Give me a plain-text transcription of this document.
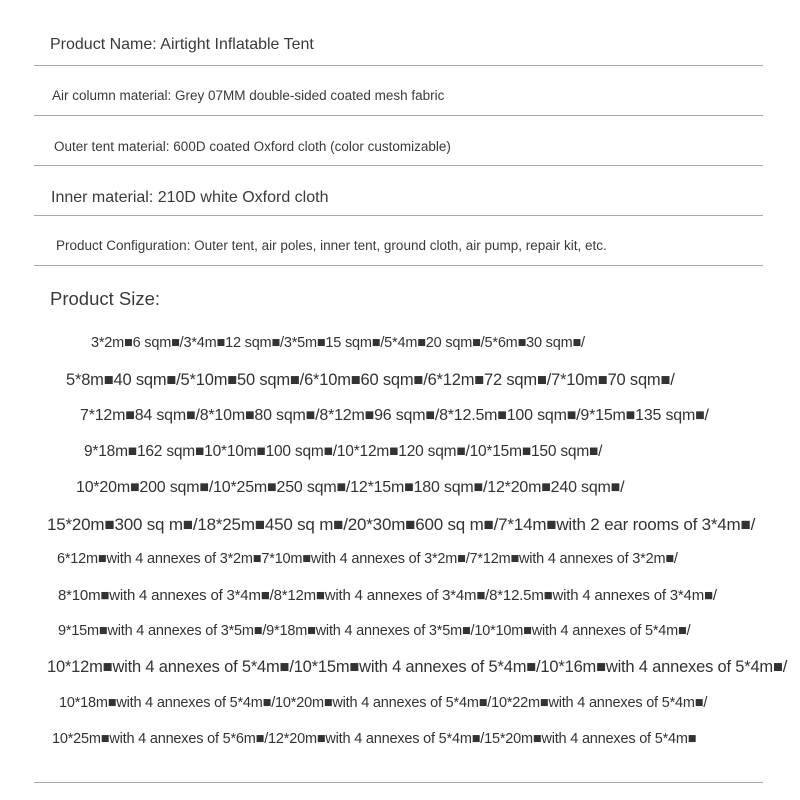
Product Name: Airtight Inflatable Tent
Air column material: Grey 07MM double-sided coated mesh fabric
Outer tent material: 600D coated Oxford cloth (color customizable)
Inner material: 210D white Oxford cloth
Product Configuration: Outer tent, air poles, inner tent, ground cloth, air pump, repair kit, etc.
Product Size:
3*2m■6 sqm■/3*4m■12 sqm■/3*5m■15 sqm■/5*4m■20 sqm■/5*6m■30 sqm■/
5*8m■40 sqm■/5*10m■50 sqm■/6*10m■60 sqm■/6*12m■72 sqm■/7*10m■70 sqm■/
7*12m■84 sqm■/8*10m■80 sqm■/8*12m■96 sqm■/8*12.5m■100 sqm■/9*15m■135 sqm■/
9*18m■162 sqm■10*10m■100 sqm■/10*12m■120 sqm■/10*15m■150 sqm■/
10*20m■200 sqm■/10*25m■250 sqm■/12*15m■180 sqm■/12*20m■240 sqm■/
15*20m■300 sq m■/18*25m■450 sq m■/20*30m■600 sq m■/7*14m■with 2 ear rooms of 3*4m■/
6*12m■with 4 annexes of 3*2m■7*10m■with 4 annexes of 3*2m■/7*12m■with 4 annexes of 3*2m■/
8*10m■with 4 annexes of 3*4m■/8*12m■with 4 annexes of 3*4m■/8*12.5m■with 4 annexes of 3*4m■/
9*15m■with 4 annexes of 3*5m■/9*18m■with 4 annexes of 3*5m■/10*10m■with 4 annexes of 5*4m■/
10*12m■with 4 annexes of 5*4m■/10*15m■with 4 annexes of 5*4m■/10*16m■with 4 annexes of 5*4m■/
10*18m■with 4 annexes of 5*4m■/10*20m■with 4 annexes of 5*4m■/10*22m■with 4 annexes of 5*4m■/
10*25m■with 4 annexes of 5*6m■/12*20m■with 4 annexes of 5*4m■/15*20m■with 4 annexes of 5*4m■
